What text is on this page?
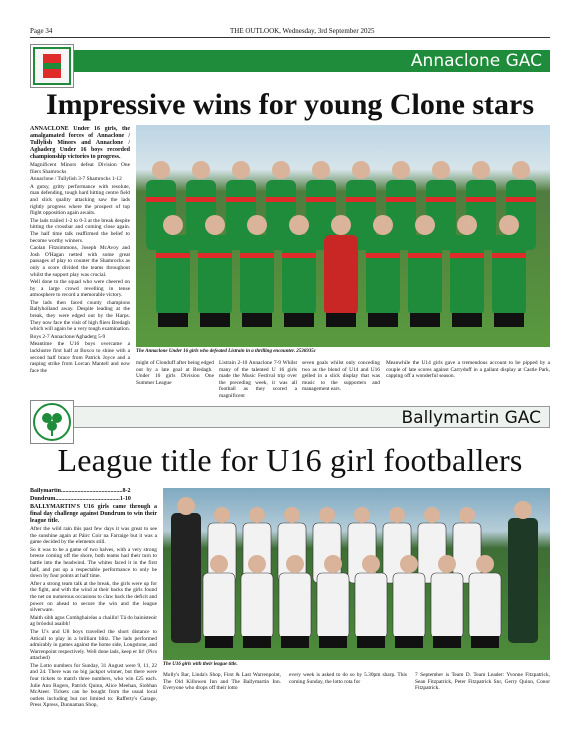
Page 34	THE OUTLOOK, Wednesday, 3rd September 2025
Annaclone GAC
Impressive wins for young Clone stars

ANNACLONE Under 16 girls, the amalgamated forces of Annaclone / Tullylish Minors and Annaclone / Aghaderg Under 16 boys recorded championship victories to progress.

Magnificent Minors defeat Division One fliers Shamrocks

Annaclone / Tullylish 3-7 Shamrocks 1-12

A gutsy, gritty performance with resolute, man defending, tough hard hitting centre field and slick quality attacking saw the lads rightly progress where the prospect of top flight opposition again awaits.

The lads trailed 1-2 to 0-3 at the break despite hitting the crossbar and coming close again. The half time talk reaffirmed the belief to become worthy winners.

Caolan Fitzsimmons, Joseph McAvoy and Josh O'Hagan netted with some great passages of play to counter the Shamrocks as only a score divided the teams throughout whilst the support play was crucial.

Well done to the squad who were cheered on by a large crowd revelling in tense atmosphere to record a memorable victory.

The lads then faced county champions Ballyholland away. Despite leading at the break, they were edged out by the Harps. They now face the visit of high fliers Bredagh which will again be a very tough examination.

Boys 2-7 Annaclone/Aghaderg 5-9

Meantime the U16 boys overcame a lacklustre first half at Boxco to shine with a second half brace from Patrick Joyce and a rasping strike from Lorcan Mantell and now face the

The Annaclone Under 16 girls who defeated Listrain in a thrilling encounter. 2536935c

might of Clonduff after being edged out by a late goal at Bredagh.  Under 16 girls Division One Summer League

Listrain 2-10 Annaclone 7-9 Whilst many of the talented U 16 girls made the Music Festival trip over the preceding week, it was all football as they scored a magnificent

seven goals whilst only conceding two as the blend of U14 and U16 gelled in a slick display that was music to the supporters and management ears.

Meanwhile the U14 girls gave a tremendous account to be pipped by a couple of late scores against Carryduff in a gallant display at Castle Park, capping off a wonderful season.

Ballymartin GAC
League title for U16 girl footballers

Ballymartin.........................................8-2

Dundrum...........................................1-10

BALLYMARTIN'S U16 girls came through a final day challenge against Dundrum to win their league title.

After the wild rain this past few days it was great to see the sunshine again at Páirc Coir na Farraige but it was a game decided by the elements still.

So it was to be a game of two halves, with a very strong breeze coming off the shore, both teams had their turn to battle into the headwind. The whites faced it in the first half, and put up a respectable performance to only be down by four points at half time.

After a strong team talk at the break, the girls were up for the fight, and with the wind at their backs the girls found the net on numerous occasions to claw back the deficit and power on ahead to secure the win and the league silverware.

Maith sibh agus Comhghairéas a chailín! Tá do bainisteoir ag bróodul asaibh!

The U's and U8 boys travelled the short distance to Atticall to play in a brilliant blitz. The lads performed admirably in games against the home side, Longstone, and Warrenpoint respectively. Well done lads, keep er lit! (Pics attached)

The Lotto numbers for Sunday, 31 August were 9, 11, 22 and 24. There was no big jackpot winner, but there were four tickets to match three numbers, who win £25 each. Julie Ann Rogers, Patrick Quinn, Alice Meehan, Siobhan McAteer. Tickets can be bought from the usual local outlets including but not limited to: Rafferty's Garage, Press Xpress, Dunnaman Shop,

The U16 girls with their league title.

Molly's Bar, Linda's Shop, First & Last Warrenpoint, The Old Killowen Inn and The Ballymartin Inn. Everyone who drops off their lotto

every week is asked to do so by 5.30pm sharp. This coming Sunday, the lotto rota for

7 September is Team D. Team Leader: Yvonne Fitzpatrick, Sean Fitzpatrick, Peter Fitzpatrick Snr, Gerry Quinn, Conor Fitzpatrick.
